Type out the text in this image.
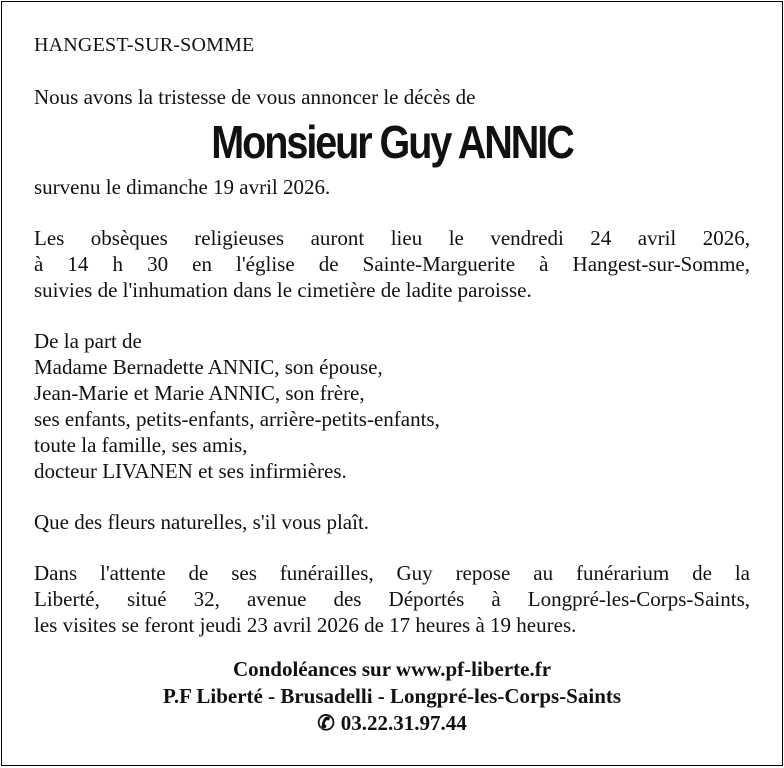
HANGEST-SUR-SOMME
Nous avons la tristesse de vous annoncer le décès de
Monsieur Guy ANNIC
survenu le dimanche 19 avril 2026.
Les obsèques religieuses auront lieu le vendredi 24 avril 2026,
à 14 h 30 en l'église de Sainte-Marguerite à Hangest-sur-Somme,
suivies de l'inhumation dans le cimetière de ladite paroisse.
De la part de
Madame Bernadette ANNIC, son épouse,
Jean-Marie et Marie ANNIC, son frère,
ses enfants, petits-enfants, arrière-petits-enfants,
toute la famille, ses amis,
docteur LIVANEN et ses infirmières.
Que des fleurs naturelles, s'il vous plaît.
Dans l'attente de ses funérailles, Guy repose au funérarium de la
Liberté, situé 32, avenue des Déportés à Longpré-les-Corps-Saints,
les visites se feront jeudi 23 avril 2026 de 17 heures à 19 heures.
Condoléances sur www.pf-liberte.fr
P.F Liberté - Brusadelli - Longpré-les-Corps-Saints
✆ 03.22.31.97.44
